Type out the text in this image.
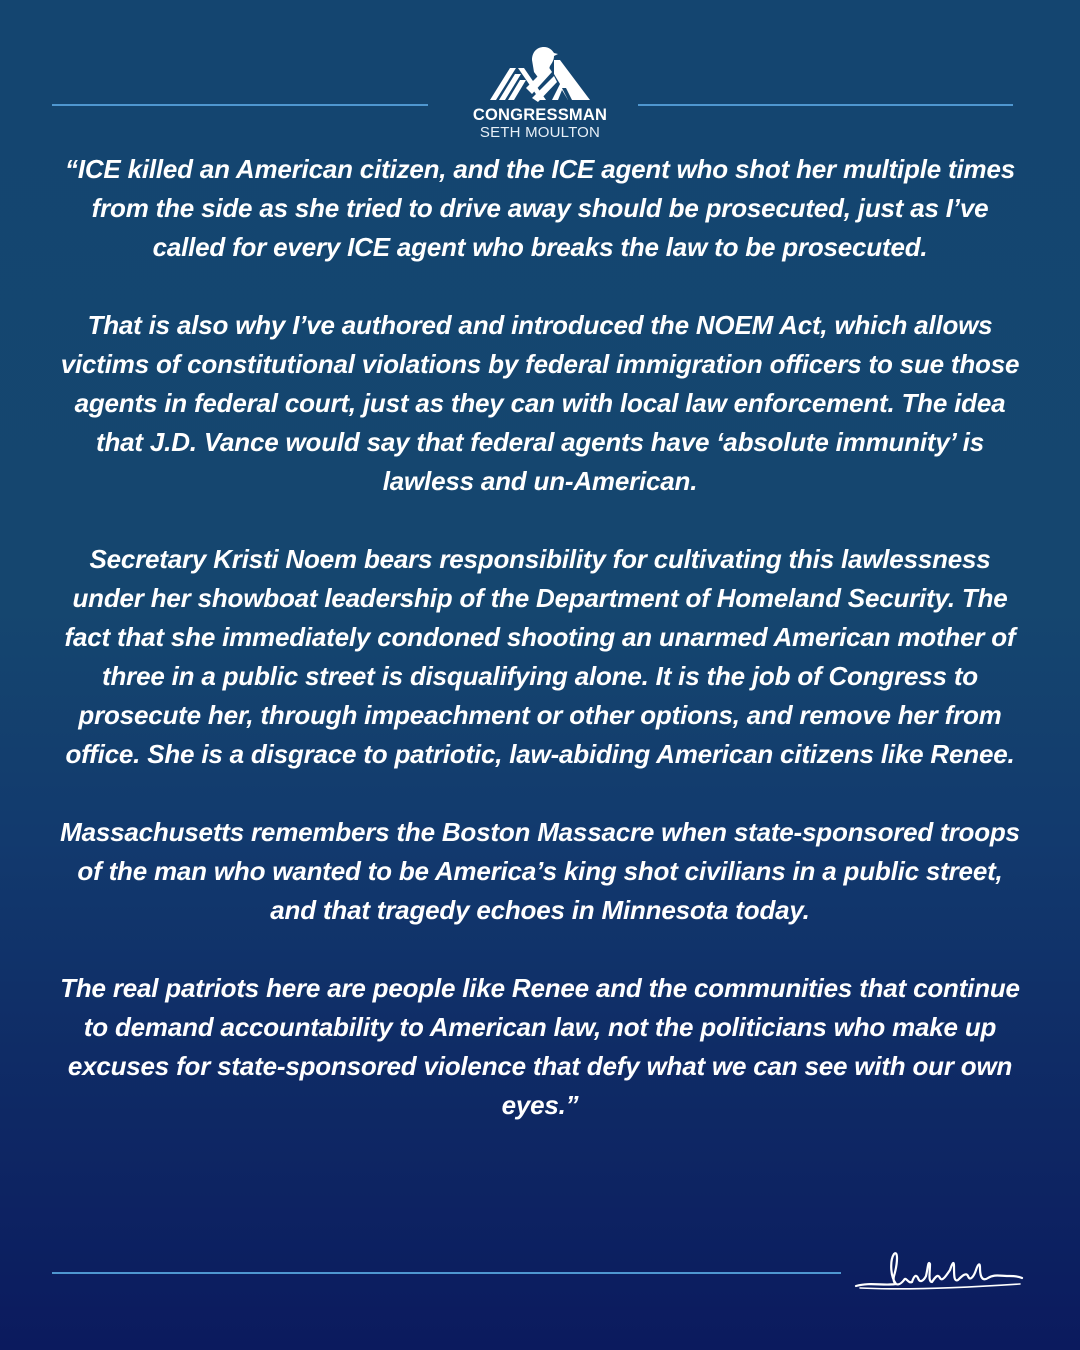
CONGRESSMAN
SETH MOULTON

“ICE killed an American citizen, and the ICE agent who shot her multiple times from the side as she tried to drive away should be prosecuted, just as I’ve called for every ICE agent who breaks the law to be prosecuted.

That is also why I’ve authored and introduced the NOEM Act, which allows victims of constitutional violations by federal immigration officers to sue those agents in federal court, just as they can with local law enforcement. The idea that J.D. Vance would say that federal agents have ‘absolute immunity’ is lawless and un-American.

Secretary Kristi Noem bears responsibility for cultivating this lawlessness under her showboat leadership of the Department of Homeland Security. The fact that she immediately condoned shooting an unarmed American mother of three in a public street is disqualifying alone. It is the job of Congress to prosecute her, through impeachment or other options, and remove her from office. She is a disgrace to patriotic, law-abiding American citizens like Renee.

Massachusetts remembers the Boston Massacre when state-sponsored troops of the man who wanted to be America’s king shot civilians in a public street, and that tragedy echoes in Minnesota today.

The real patriots here are people like Renee and the communities that continue to demand accountability to American law, not the politicians who make up excuses for state-sponsored violence that defy what we can see with our own eyes.”
